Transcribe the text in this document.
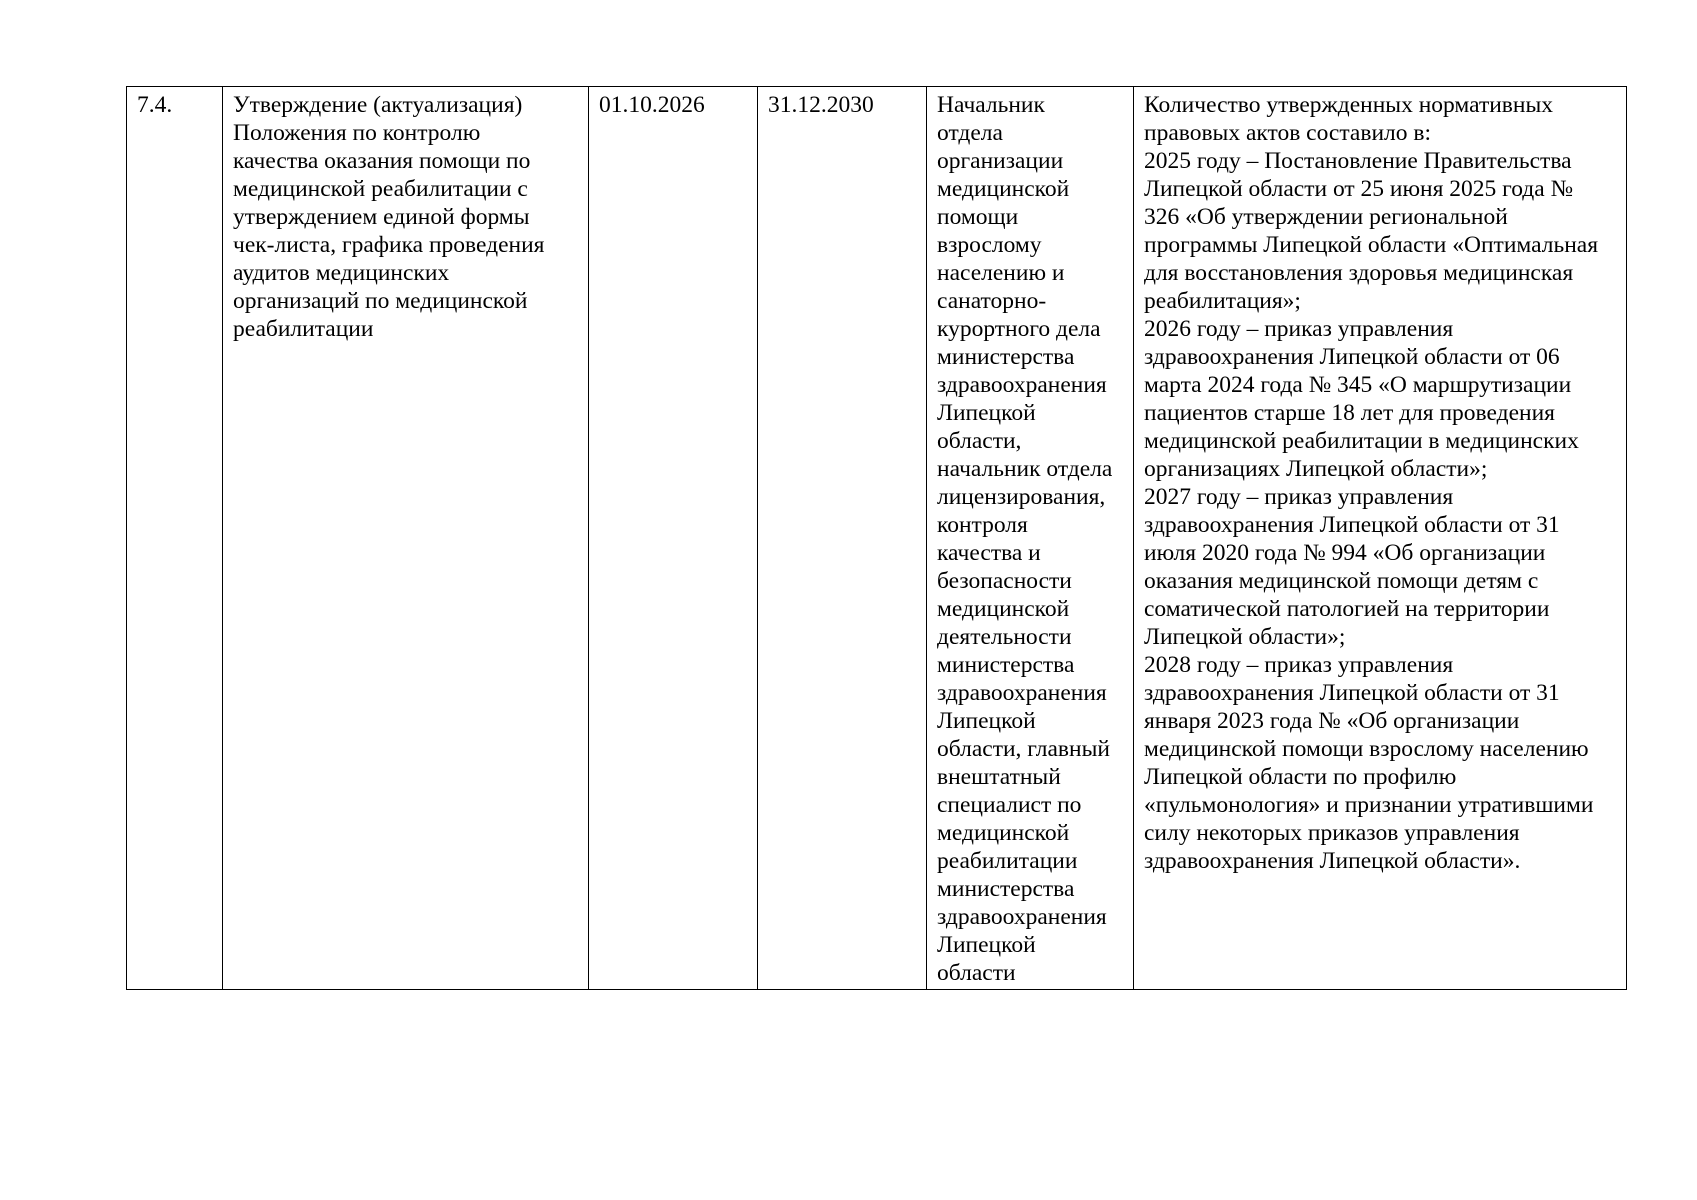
7.4.	Утверждение (актуализация)
Положения по контролю
качества оказания помощи по
медицинской реабилитации с
утверждением единой формы
чек-листа, графика проведения
аудитов медицинских
организаций по медицинской
реабилитации	01.10.2026	31.12.2030	Начальник
отдела
организации
медицинской
помощи
взрослому
населению и
санаторно-
курортного дела
министерства
здравоохранения
Липецкой
области,
начальник отдела
лицензирования,
контроля
качества и
безопасности
медицинской
деятельности
министерства
здравоохранения
Липецкой
области, главный
внештатный
специалист по
медицинской
реабилитации
министерства
здравоохранения
Липецкой
области	Количество утвержденных нормативных
правовых актов составило в:
2025 году – Постановление Правительства
Липецкой области от 25 июня 2025 года №
326 «Об утверждении региональной
программы Липецкой области «Оптимальная
для восстановления здоровья медицинская
реабилитация»;
2026 году – приказ управления
здравоохранения Липецкой области от 06
марта 2024 года № 345 «О маршрутизации
пациентов старше 18 лет для проведения
медицинской реабилитации в медицинских
организациях Липецкой области»;
2027 году – приказ управления
здравоохранения Липецкой области от 31
июля 2020 года № 994 «Об организации
оказания медицинской помощи детям с
соматической патологией на территории
Липецкой области»;
2028 году – приказ управления
здравоохранения Липецкой области от 31
января 2023 года № «Об организации
медицинской помощи взрослому населению
Липецкой области по профилю
«пульмонология» и признании утратившими
силу некоторых приказов управления
здравоохранения Липецкой области».
